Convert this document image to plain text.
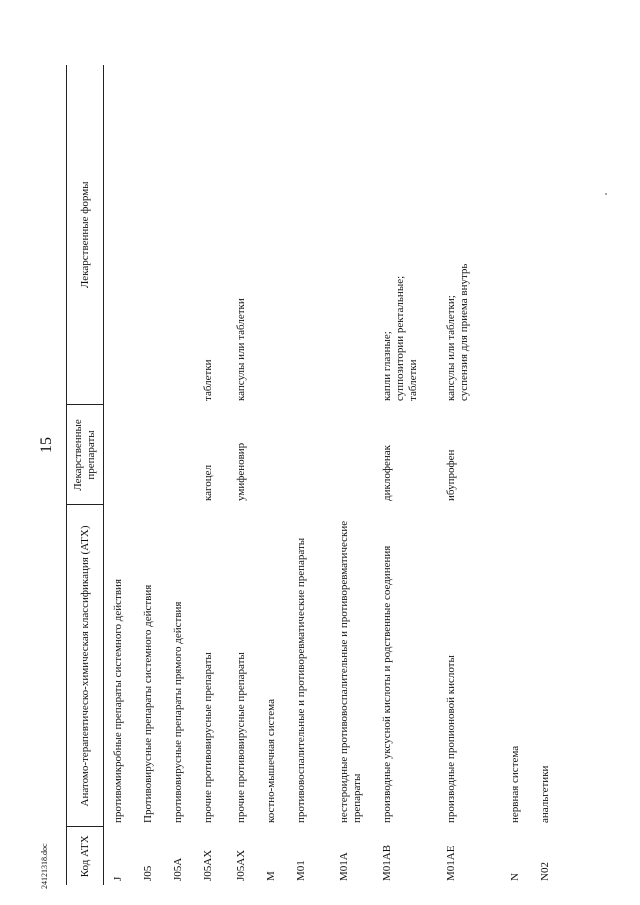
24121318.doc
15
Код АТХ	Анатомо-терапевтическо-химическая классификация (АТХ)	Лекарственные препараты	Лекарственные формы
J	противомикробные препараты системного действия		
J05	Противовирусные препараты системного действия		
J05A	противовирусные препараты прямого действия		
J05AX	прочие противовирусные препараты	кагоцел	таблетки

J05AX	прочие противовирусные препараты	умифеновир	капсулы или таблетки

M	костно-мышечная система		
M01	противовоспалительные и противоревматические препараты		
M01A	нестероидные противовоспалительные и противоревматические препараты		
M01AB	производные уксусной кислоты и родственные соединения	диклофенак	капли глазные; суппозитории ректальные; таблетки

M01AE	производные пропионовой кислоты	ибупрофен	капсулы или таблетки; суспензия для приема внутрь

N	нервная система		
N02	анальгетики		
